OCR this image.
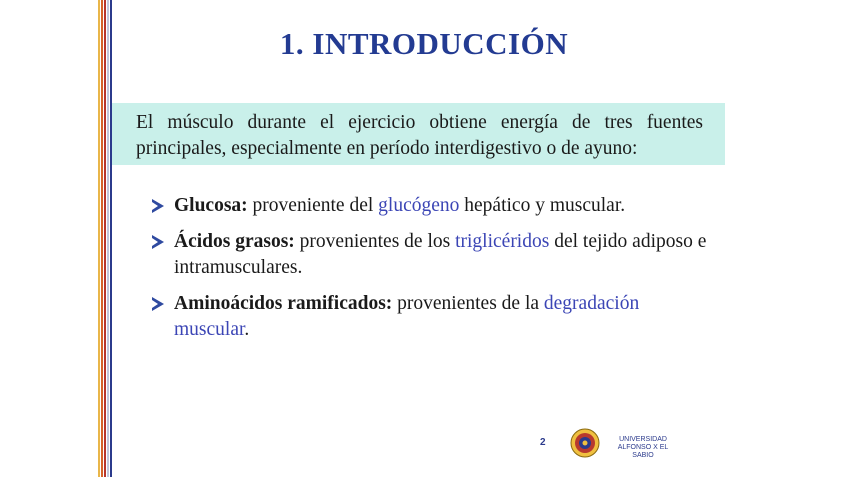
1. INTRODUCCIÓN
El músculo durante el ejercicio obtiene energía de tres fuentes principales, especialmente en período interdigestivo o de ayuno:
Glucosa: proveniente del glucógeno hepático y muscular.
Ácidos grasos: provenientes de los triglicéridos del tejido adiposo e intramusculares.
Aminoácidos ramificados: provenientes de la degradación muscular.
2	UNIVERSIDAD
ALFONSO X EL SABIO
